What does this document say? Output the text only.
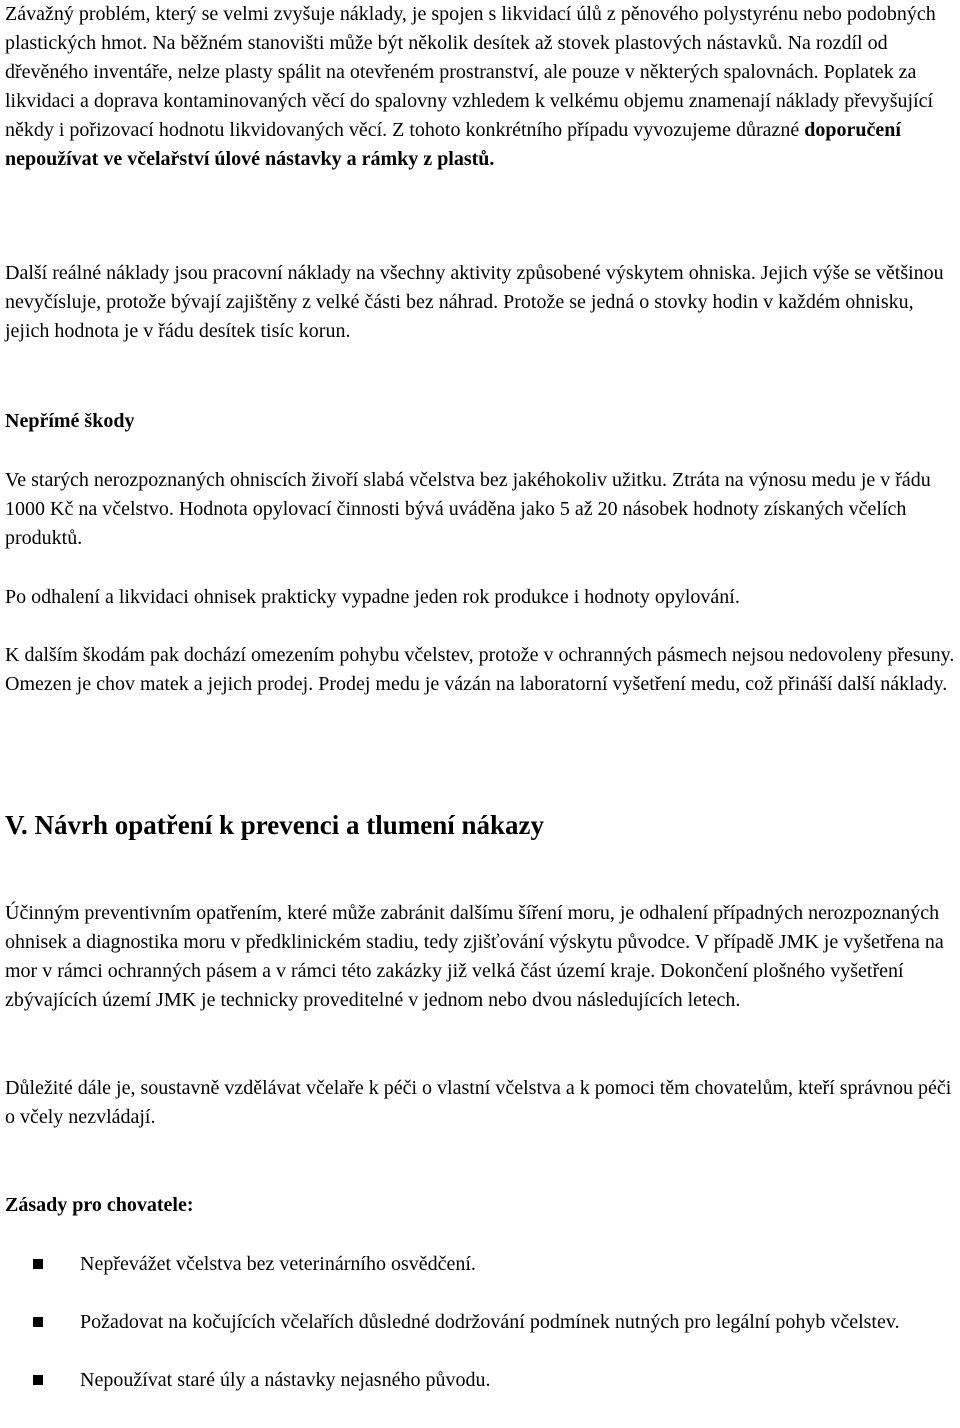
Závažný problém, který se velmi zvyšuje náklady, je spojen s likvidací úlů z pěnového polystyrénu nebo podobných plastických hmot. Na běžném stanovišti může být několik desítek až stovek plastových nástavků. Na rozdíl od dřevěného inventáře, nelze plasty spálit na otevřeném prostranství, ale pouze v některých spalovnách. Poplatek za likvidaci a doprava kontaminovaných věcí do spalovny vzhledem k velkému objemu znamenají náklady převyšující někdy i pořizovací hodnotu likvidovaných věcí. Z tohoto konkrétního případu vyvozujeme důrazné doporučení nepoužívat ve včelařství úlové nástavky a rámky z plastů.

Další reálné náklady jsou pracovní náklady na všechny aktivity způsobené výskytem ohniska. Jejich výše se většinou nevyčísluje, protože bývají zajištěny z velké části bez náhrad. Protože se jedná o stovky hodin v každém ohnisku, jejich hodnota je v řádu desítek tisíc korun.

Nepřímé škody

Ve starých nerozpoznaných ohniscích živoří slabá včelstva bez jakéhokoliv užitku. Ztráta na výnosu medu je v řádu 1000 Kč na včelstvo. Hodnota opylovací činnosti bývá uváděna jako 5 až 20 násobek hodnoty získaných včelích produktů.

Po odhalení a likvidaci ohnisek prakticky vypadne jeden rok produkce i hodnoty opylování.

K dalším škodám pak dochází omezením pohybu včelstev, protože v ochranných pásmech nejsou nedovoleny přesuny. Omezen je chov matek a jejich prodej. Prodej medu je vázán na laboratorní vyšetření medu, což přináší další náklady.

V. Návrh opatření k prevenci a tlumení nákazy

Účinným preventivním opatřením, které může zabránit dalšímu šíření moru, je odhalení případných nerozpoznaných ohnisek a diagnostika moru v předklinickém stadiu, tedy zjišťování výskytu původce. V případě JMK je vyšetřena na mor v rámci ochranných pásem a v rámci této zakázky již velká část území kraje. Dokončení plošného vyšetření zbývajících území JMK je technicky proveditelné v jednom nebo dvou následujících letech.

Důležité dále je, soustavně vzdělávat včelaře k péči o vlastní včelstva a k pomoci těm chovatelům, kteří správnou péči o včely nezvládají.

Zásady pro chovatele:
Nepřevážet včelstva bez veterinárního osvědčení.
Požadovat na kočujících včelařích důsledné dodržování podmínek nutných pro legální pohyb včelstev.
Nepoužívat staré úly a nástavky nejasného původu.
